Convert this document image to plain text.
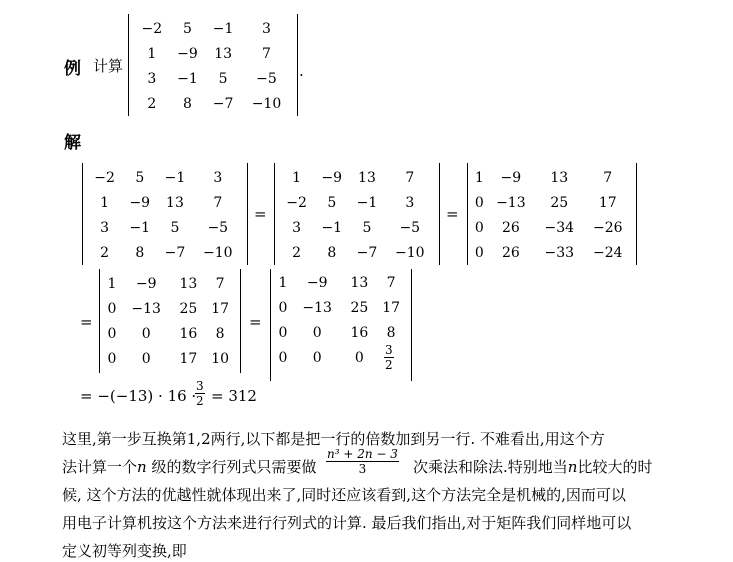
例 计算
−2	5	−1	3
1	−9	13	7
3	−1	5	−5
2	8	−7	−10
.
解
−2	5	−1	3
1	−9	13	7
3	−1	5	−5
2	8	−7	−10
=
1	−9	13	7
−2	5	−1	3
3	−1	5	−5
2	8	−7	−10
=
1	−9	13	7
0	−13	25	17
0	26	−34	−26
0	26	−33	−24
=
1	−9	13	7
0	−13	25	17
0	0	16	8
0	0	17	10
=
1	−9	13	7
0	−13	25	17
0	0	16	8
0	0	0	$\frac{3}{2}$
= −(−13) · 16 ·
$\frac{3}{2} = 312$
这里,第一步互换第1,2两行,以下都是把一行的倍数加到另一行. 不难看出,用这个方
法计算一个n 级的数字行列式只需要做 $\frac{\text{n³ + 2n − 3}}{3}$ 次乘法和除法.特别地当n比较大的时
候, 这个方法的优越性就体现出来了,同时还应该看到,这个方法完全是机械的,因而可以
用电子计算机按这个方法来进行行列式的计算. 最后我们指出,对于矩阵我们同样地可以
定义初等列变换,即
